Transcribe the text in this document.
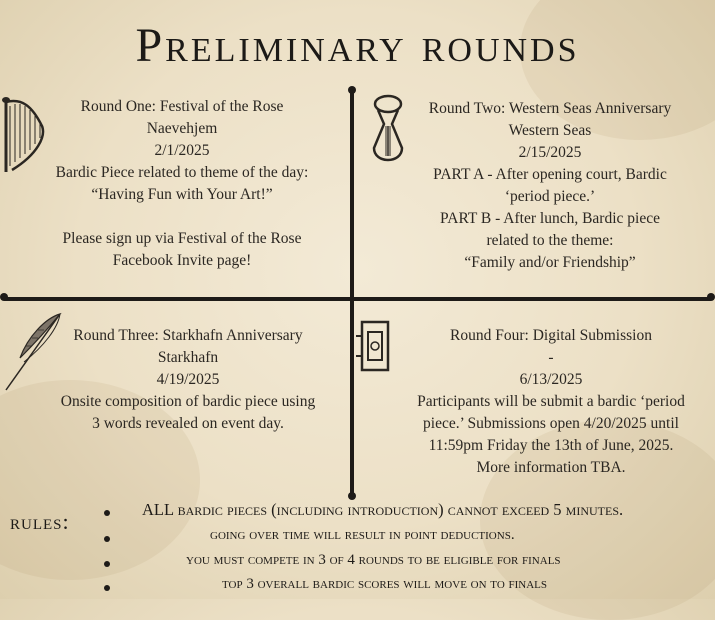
Preliminary rounds
Round One: Festival of the Rose
Naevehjem
2/1/2025
Bardic Piece related to theme of the day:
“Having Fun with Your Art!”
Please sign up via Festival of the Rose
Facebook Invite page!
Round Two: Western Seas Anniversary
Western Seas
2/15/2025
PART A - After opening court, Bardic
‘period piece.’
PART B - After lunch, Bardic piece
related to the theme:
“Family and/or Friendship”
Round Three: Starkhafn Anniversary
Starkhafn
4/19/2025
Onsite composition of bardic piece using
3 words revealed on event day.
Round Four: Digital Submission
-
6/13/2025
Participants will be submit a bardic ‘period
piece.’ Submissions open 4/20/2025 until
11:59pm Friday the 13th of June, 2025.
More information TBA.
rules:	ALL bardic pieces (including introduction) cannot exceed 5 minutes.
going over time will result in point deductions.
you must compete in 3 of 4 rounds to be eligible for finals
top 3 overall bardic scores will move on to finals
